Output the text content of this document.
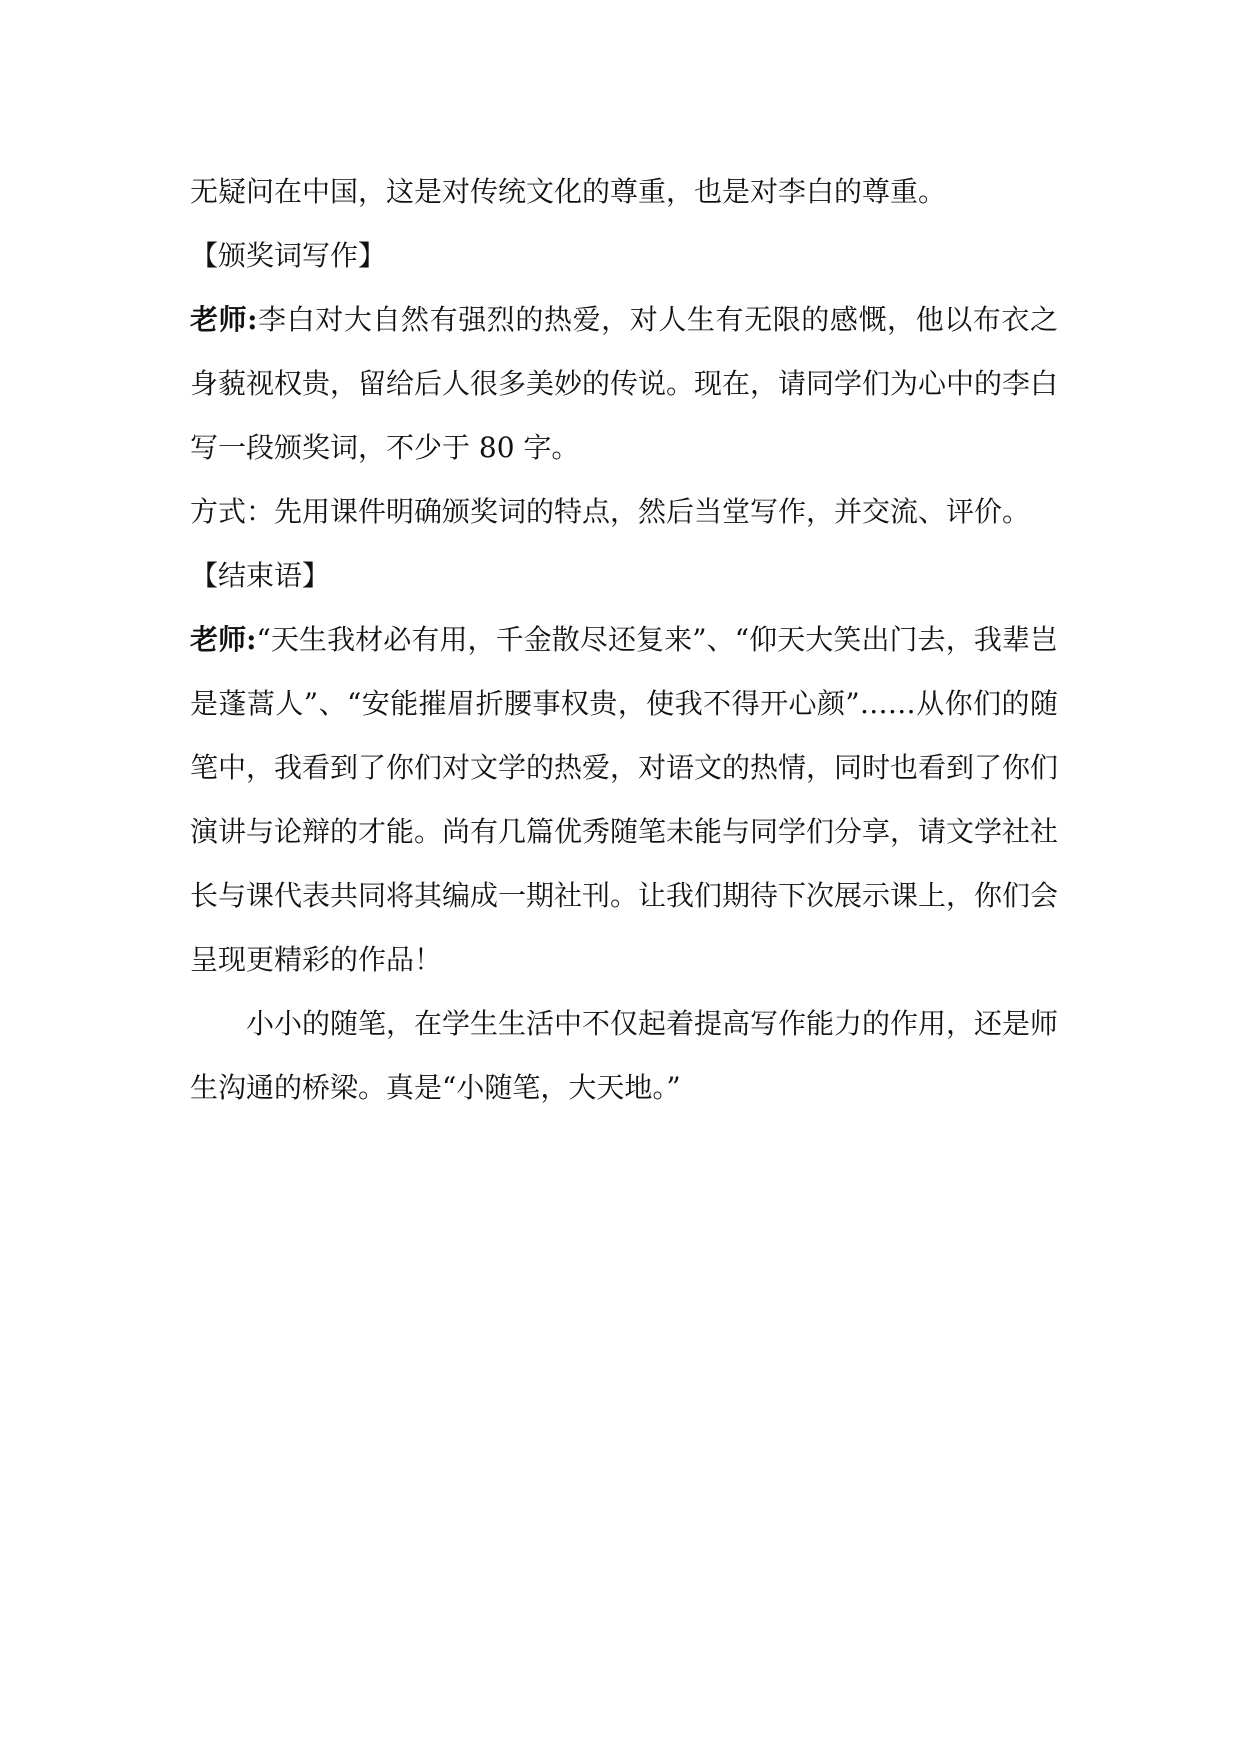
无疑问在中国，这是对传统文化的尊重，也是对李白的尊重。

【颁奖词写作】

老师:李白对大自然有强烈的热爱，对人生有无限的感慨，他以布衣之身藐视权贵，留给后人很多美妙的传说。现在，请同学们为心中的李白写一段颁奖词，不少于 80 字。

方式：先用课件明确颁奖词的特点，然后当堂写作，并交流、评价。

【结束语】

老师:“天生我材必有用，千金散尽还复来”、“仰天大笑出门去，我辈岂是蓬蒿人”、“安能摧眉折腰事权贵，使我不得开心颜”……从你们的随笔中，我看到了你们对文学的热爱，对语文的热情，同时也看到了你们演讲与论辩的才能。尚有几篇优秀随笔未能与同学们分享，请文学社社长与课代表共同将其编成一期社刊。让我们期待下次展示课上，你们会呈现更精彩的作品！

小小的随笔，在学生生活中不仅起着提高写作能力的作用，还是师生沟通的桥梁。真是“小随笔，大天地。”
